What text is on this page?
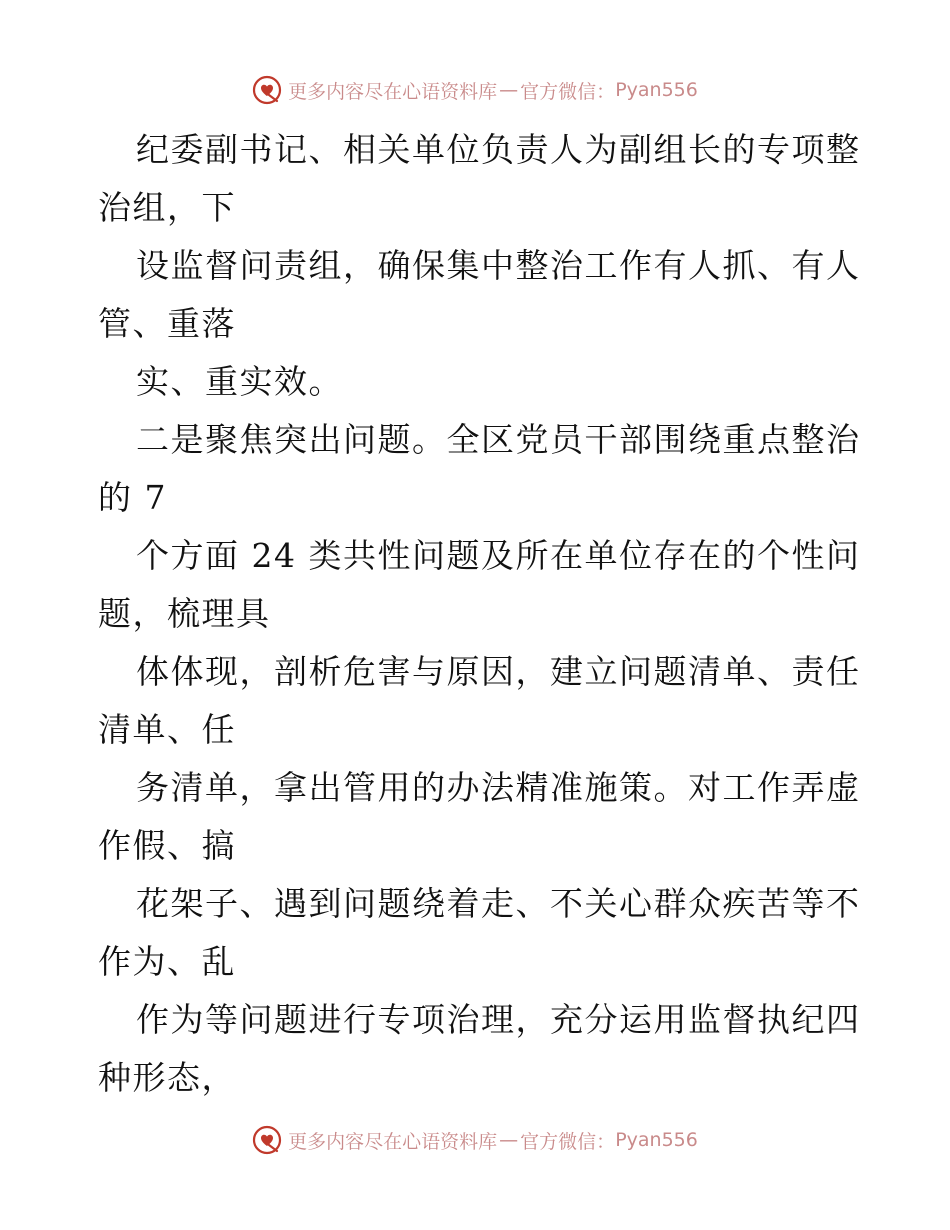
更多内容尽在心语资料库 — 官方微信： Pyan556
纪委副书记、相关单位负责人为副组长的专项整
治组，下
设监督问责组，确保集中整治工作有人抓、有人
管、重落
实、重实效。
二是聚焦突出问题。全区党员干部围绕重点整治
的 7
个方面 24 类共性问题及所在单位存在的个性问
题，梳理具
体体现，剖析危害与原因，建立问题清单、责任
清单、任
务清单，拿出管用的办法精准施策。对工作弄虚
作假、搞
花架子、遇到问题绕着走、不关心群众疾苦等不
作为、乱
作为等问题进行专项治理，充分运用监督执纪四
种形态，
更多内容尽在心语资料库 — 官方微信： Pyan556
